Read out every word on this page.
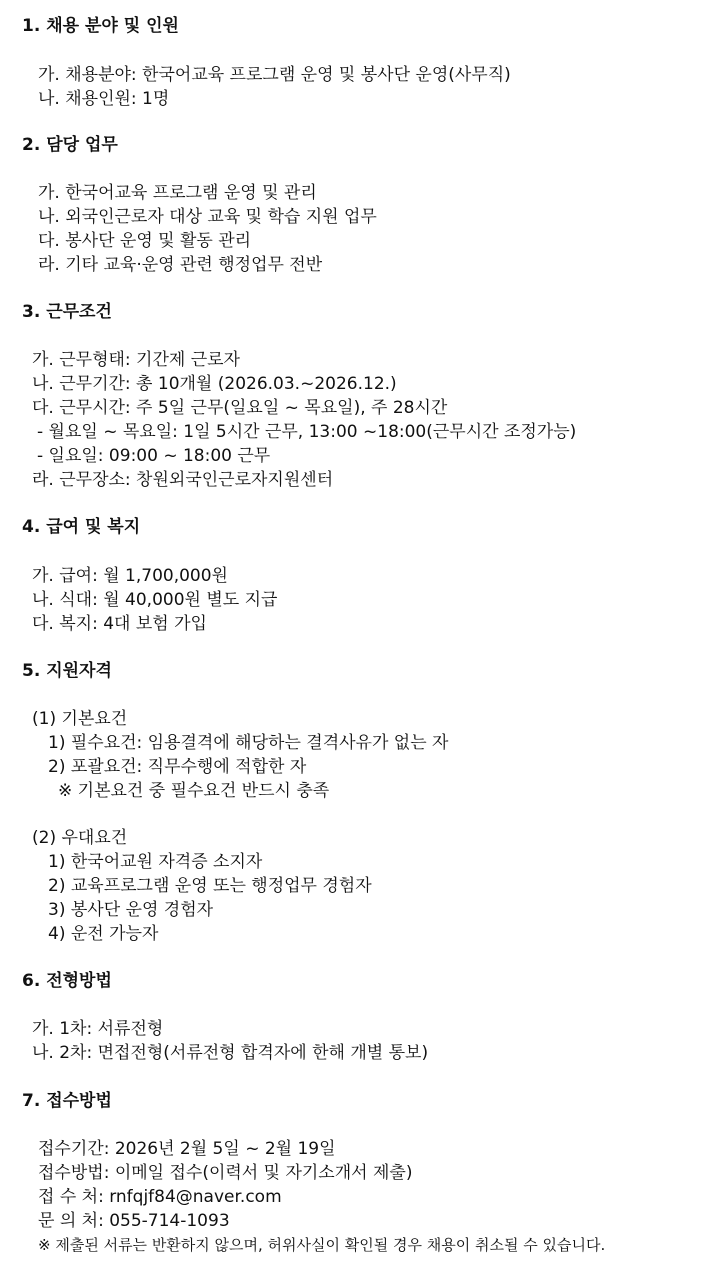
1. 채용 분야 및 인원
가. 채용분야: 한국어교육 프로그램 운영 및 봉사단 운영(사무직)
나. 채용인원: 1명
2. 담당 업무
가. 한국어교육 프로그램 운영 및 관리
나. 외국인근로자 대상 교육 및 학습 지원 업무
다. 봉사단 운영 및 활동 관리
라. 기타 교육·운영 관련 행정업무 전반
3. 근무조건
가. 근무형태: 기간제 근로자
나. 근무기간: 총 10개월 (2026.03.~2026.12.)
다. 근무시간: 주 5일 근무(일요일 ~ 목요일), 주 28시간
- 월요일 ~ 목요일: 1일 5시간 근무, 13:00 ~18:00(근무시간 조정가능)
- 일요일: 09:00 ~ 18:00 근무
라. 근무장소: 창원외국인근로자지원센터
4. 급여 및 복지
가. 급여: 월 1,700,000원
나. 식대: 월 40,000원 별도 지급
다. 복지: 4대 보험 가입
5. 지원자격
(1) 기본요건
1) 필수요건: 임용결격에 해당하는 결격사유가 없는 자
2) 포괄요건: 직무수행에 적합한 자
※ 기본요건 중 필수요건 반드시 충족
(2) 우대요건
1) 한국어교원 자격증 소지자
2) 교육프로그램 운영 또는 행정업무 경험자
3) 봉사단 운영 경험자
4) 운전 가능자
6. 전형방법
가. 1차: 서류전형
나. 2차: 면접전형(서류전형 합격자에 한해 개별 통보)
7. 접수방법
접수기간: 2026년 2월 5일 ~ 2월 19일
접수방법: 이메일 접수(이력서 및 자기소개서 제출)
접 수 처: rnfqjf84@naver.com
문 의 처: 055-714-1093
※ 제출된 서류는 반환하지 않으며, 허위사실이 확인될 경우 채용이 취소될 수 있습니다.
